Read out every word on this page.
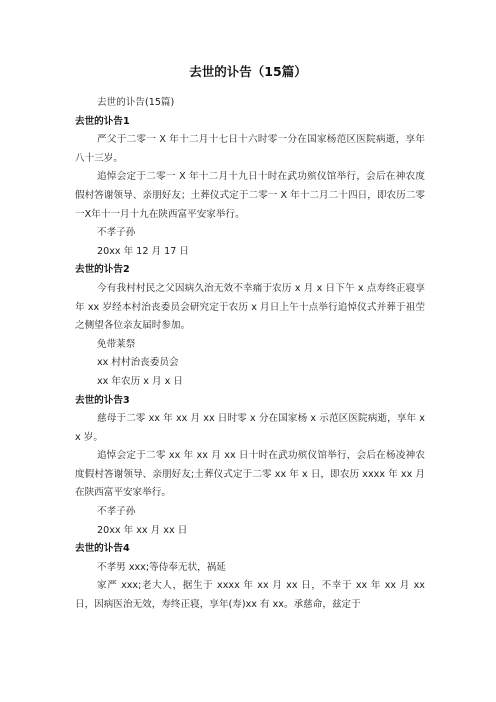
去世的讣告（15篇）

去世的讣告(15篇)

去世的讣告1

严父于二零一 X 年十二月十七日十六时零一分在国家杨范区医院病逝，享年八十三岁。

追悼会定于二零一 X 年十二月十九日十时在武功殡仪馆举行，会后在神农度假村答谢领导、亲朋好友；土葬仪式定于二零一 X 年十二月二十四日，即农历二零一X年十一月十九在陕西富平安家举行。

不孝子孙

20xx 年 12 月 17 日

去世的讣告2

今有我村村民之父因病久治无效不幸痛于农历 x 月 x 日下午 x 点寿终正寝享年 xx 岁经本村治丧委员会研究定于农历 x 月日上午十点举行追悼仪式并葬于祖茔之侧望各位亲友届时参加。

免带莱祭

xx 村村治丧委员会

xx 年农历 x 月 x 日

去世的讣告3

慈母于二零 xx 年 xx 月 xx 日时零 x 分在国家杨 x 示范区医院病逝，享年 xx 岁。

追悼会定于二零 xx 年 xx 月 xx 日十时在武功殡仪馆举行，会后在杨凌神农度假村答谢领导、亲朋好友;土葬仪式定于二零 xx 年 x 日，即农历 xxxx 年 xx 月在陕西富平安家举行。

不孝子孙

20xx 年 xx 月 xx 日

去世的讣告4

不孝男 xxx;等侍奉无状，祸延

家严 xxx;老大人，据生于 xxxx 年 xx 月 xx 日，不幸于 xx 年 xx 月 xx 日，因病医治无效，寿终正寝，享年(寿)xx 有 xx。承慈命，兹定于
